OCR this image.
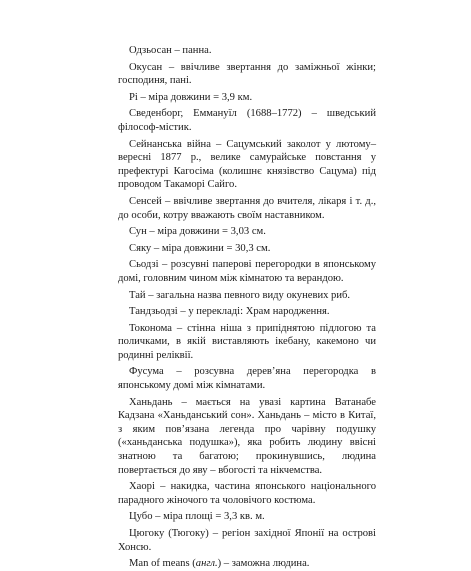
Одзьосан – панна.

Окусан – ввічливе звертання до заміжньої жінки; господиня, пані.

Рі – міра довжини = 3,9 км.

Сведенборг, Еммануїл (1688–1772) – шведський філософ-містик.

Сейнанська війна – Сацумський заколот у лютому–вересні 1877 р., велике самурайське повстання у префектурі Кагосіма (колишнє князівство Сацума) під проводом Такаморі Сайго.

Сенсей – ввічливе звертання до вчителя, лікаря і т. д., до особи, котру вважають своїм наставником.

Сун – міра довжини = 3,03 см.

Сяку – міра довжини = 30,3 см.

Сьодзі – розсувні паперові перегородки в японському домі, головним чином між кімнатою та верандою.

Тай – загальна назва певного виду окуневих риб.

Тандзьодзі – у перекладі: Храм народження.

Токонома – стінна ніша з припіднятою підлогою та поличками, в якій виставляють ікебану, какемоно чи родинні реліквії.

Фусума – розсувна дерев’яна перегородка в японському домі між кімнатами.

Ханьдань – мається на увазі картина Ватанабе Кадзана «Ханьданський сон». Ханьдань – місто в Китаї, з яким пов’язана легенда про чарівну подушку («ханьданська подушка»), яка робить людину ввісні знатною та багатою; прокинувшись, людина повертається до яву – вбогості та нікчемства.

Хаорі – накидка, частина японського національного парадного жіночого та чоловічого костюма.

Цубо – міра площі = 3,3 кв. м.

Цюгоку (Тюгоку) – регіон західної Японії на острові Хонсю.

Man of means (англ.) – заможна людина.
